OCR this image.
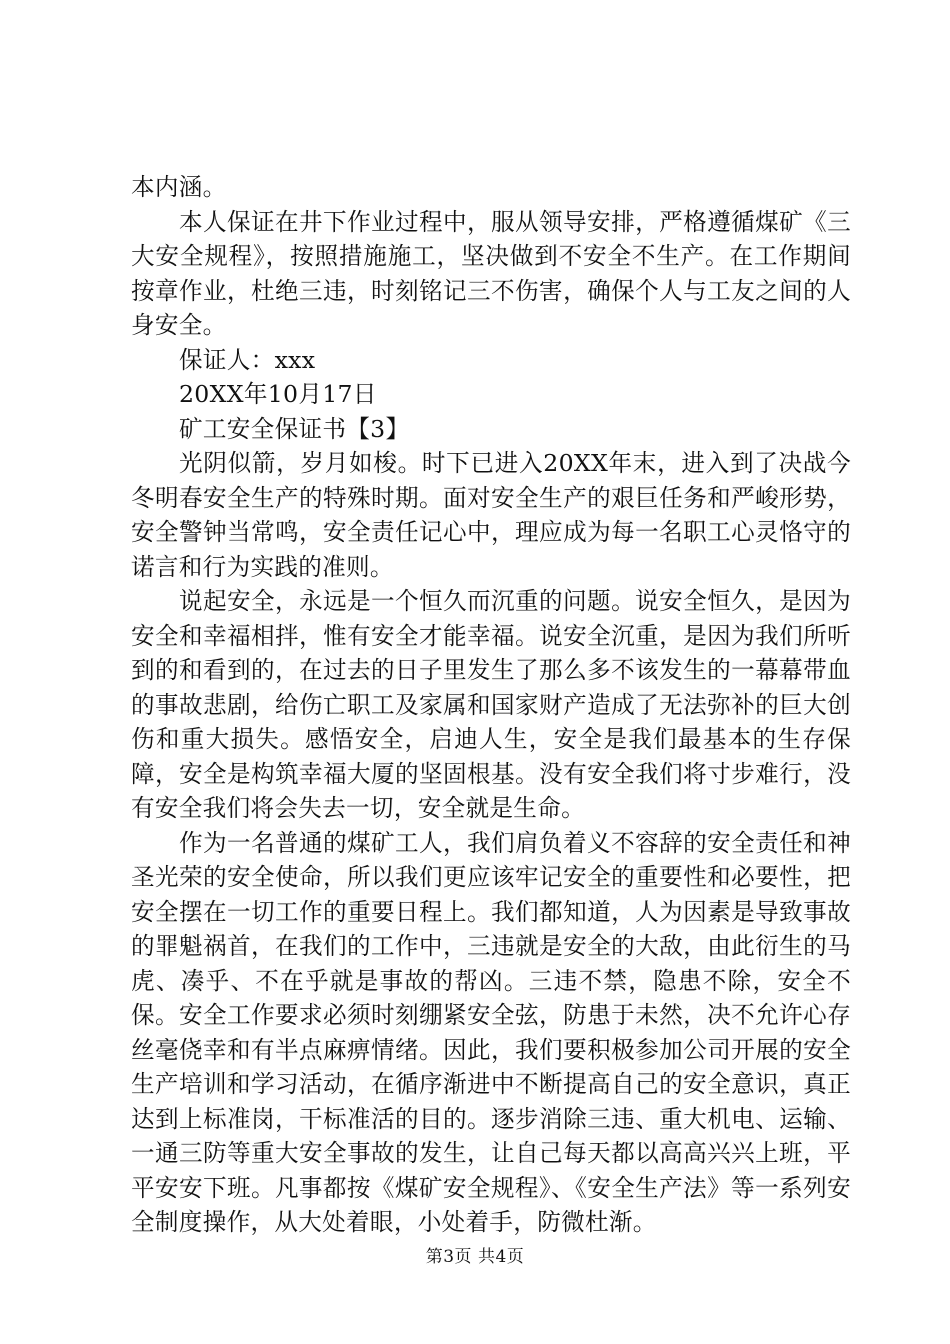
本内涵。

本人保证在井下作业过程中，服从领导安排，严格遵循煤矿《三大安全规程》，按照措施施工，坚决做到不安全不生产。在工作期间按章作业，杜绝三违，时刻铭记三不伤害，确保个人与工友之间的人身安全。

保证人：xxx

20XX年10月17日

矿工安全保证书【3】

光阴似箭，岁月如梭。时下已进入20XX年末，进入到了决战今冬明春安全生产的特殊时期。面对安全生产的艰巨任务和严峻形势，安全警钟当常鸣，安全责任记心中，理应成为每一名职工心灵恪守的诺言和行为实践的准则。

说起安全，永远是一个恒久而沉重的问题。说安全恒久，是因为安全和幸福相拌，惟有安全才能幸福。说安全沉重，是因为我们所听到的和看到的，在过去的日子里发生了那么多不该发生的一幕幕带血的事故悲剧，给伤亡职工及家属和国家财产造成了无法弥补的巨大创伤和重大损失。感悟安全，启迪人生，安全是我们最基本的生存保障，安全是构筑幸福大厦的坚固根基。没有安全我们将寸步难行，没有安全我们将会失去一切，安全就是生命。

作为一名普通的煤矿工人，我们肩负着义不容辞的安全责任和神圣光荣的安全使命，所以我们更应该牢记安全的重要性和必要性，把安全摆在一切工作的重要日程上。我们都知道，人为因素是导致事故的罪魁祸首，在我们的工作中，三违就是安全的大敌，由此衍生的马虎、凑乎、不在乎就是事故的帮凶。三违不禁，隐患不除，安全不保。安全工作要求必须时刻绷紧安全弦，防患于未然，决不允许心存丝毫侥幸和有半点麻痹情绪。因此，我们要积极参加公司开展的安全生产培训和学习活动，在循序渐进中不断提高自己的安全意识，真正达到上标准岗，干标准活的目的。逐步消除三违、重大机电、运输、一通三防等重大安全事故的发生，让自己每天都以高高兴兴上班，平平安安下班。凡事都按《煤矿安全规程》、《安全生产法》等一系列安全制度操作，从大处着眼，小处着手，防微杜渐。

第3页 共4页
